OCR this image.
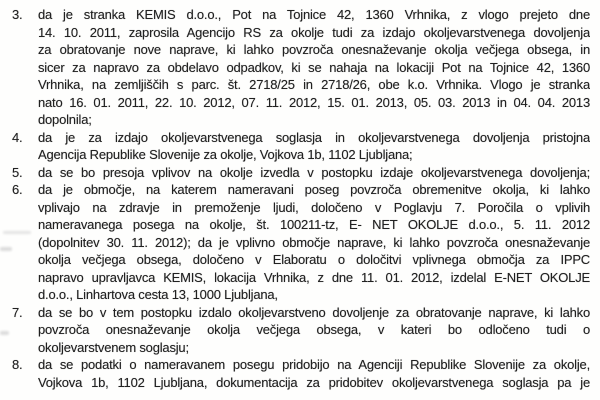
3.	da je stranka KEMIS d.o.o., Pot na Tojnice 42, 1360 Vrhnika, z vlogo prejeto dne
14. 10. 2011, zaprosila Agencijo RS za okolje tudi za izdajo okoljevarstvenega dovoljenja
za obratovanje nove naprave, ki lahko povzroča onesnaževanje okolja večjega obsega, in
sicer za napravo za obdelavo odpadkov, ki se nahaja na lokaciji Pot na Tojnice 42, 1360
Vrhnika, na zemljiščih s parc. št. 2718/25 in 2718/26, obe k.o. Vrhnika. Vlogo je stranka
nato 16. 01. 2011, 22. 10. 2012, 07. 11. 2012, 15. 01. 2013, 05. 03. 2013 in 04. 04. 2013
dopolnila;
4.	da je za izdajo okoljevarstvenega soglasja in okoljevarstvenega dovoljenja pristojna
Agencija Republike Slovenije za okolje, Vojkova 1b, 1102 Ljubljana;
5.	da se bo presoja vplivov na okolje izvedla v postopku izdaje okoljevarstvenega dovoljenja;
6.	da je območje, na katerem nameravani poseg povzroča obremenitve okolja, ki lahko
vplivajo na zdravje in premoženje ljudi, določeno v Poglavju 7. Poročila o vplivih
nameravanega posega na okolje, št. 100211-tz, E- NET OKOLJE d.o.o., 5. 11. 2012
(dopolnitev 30. 11. 2012); da je vplivno območje naprave, ki lahko povzroča onesnaževanje
okolja večjega obsega, določeno v Elaboratu o določitvi vplivnega območja za IPPC
napravo upravljavca KEMIS, lokacija Vrhnika, z dne 11. 01. 2012, izdelal E-NET OKOLJE
d.o.o., Linhartova cesta 13, 1000 Ljubljana,
7.	da se bo v tem postopku izdalo okoljevarstveno dovoljenje za obratovanje naprave, ki lahko
povzroča onesnaževanje okolja večjega obsega, v kateri bo odločeno tudi o
okoljevarstvenem soglasju;
8.	da se podatki o nameravanem posegu pridobijo na Agenciji Republike Slovenije za okolje,
Vojkova 1b, 1102 Ljubljana, dokumentacija za pridobitev okoljevarstvenega soglasja pa je
